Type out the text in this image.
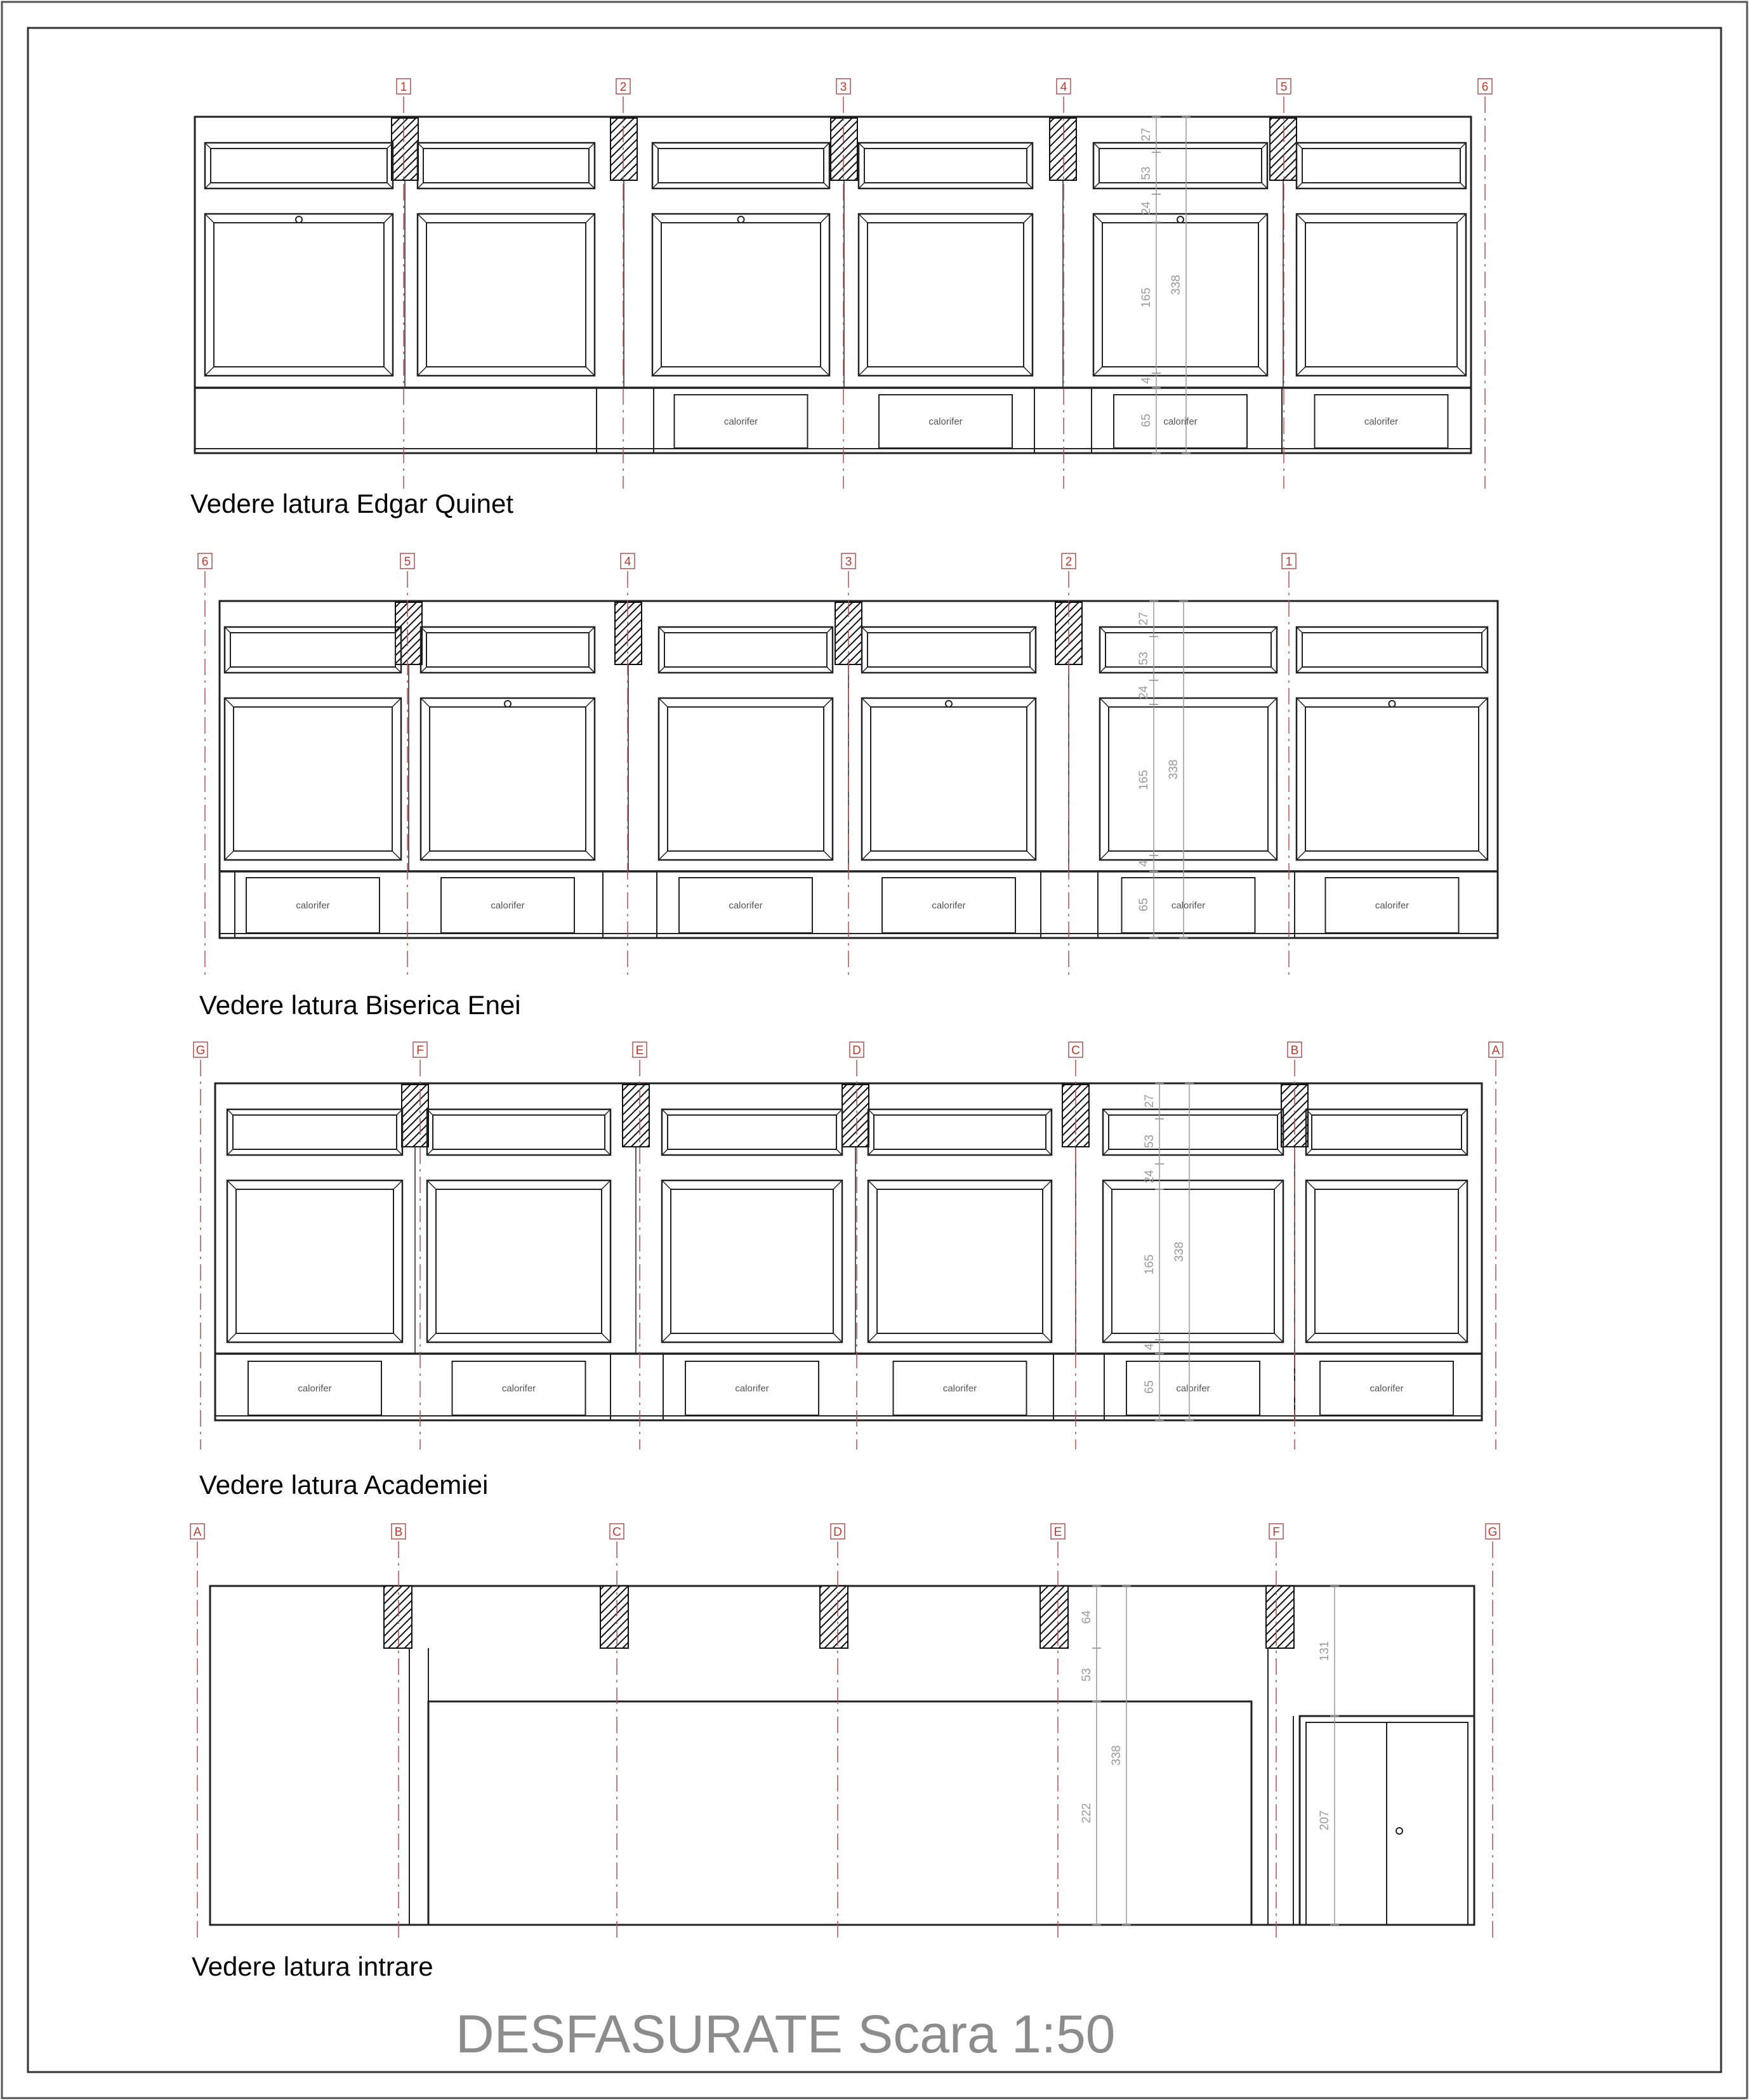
calorifer	calorifer	calorifer	calorifer
1	2	3	4	5	6
27
53
24
165
4
65
338
calorifer	calorifer	calorifer	calorifer	calorifer	calorifer
6	5	4	3	2	1
27
53
24
165
4
65
338
calorifer	calorifer	calorifer	calorifer	calorifer	calorifer
G	F	E	D	C	B	A
27
53
24
165
4
65
338
A	B	C	D	E	F	G
64
53
222
338
131
207
Vedere latura Edgar Quinet
Vedere latura Biserica Enei
Vedere latura Academiei
Vedere latura intrare
DESFASURATE Scara 1:50
